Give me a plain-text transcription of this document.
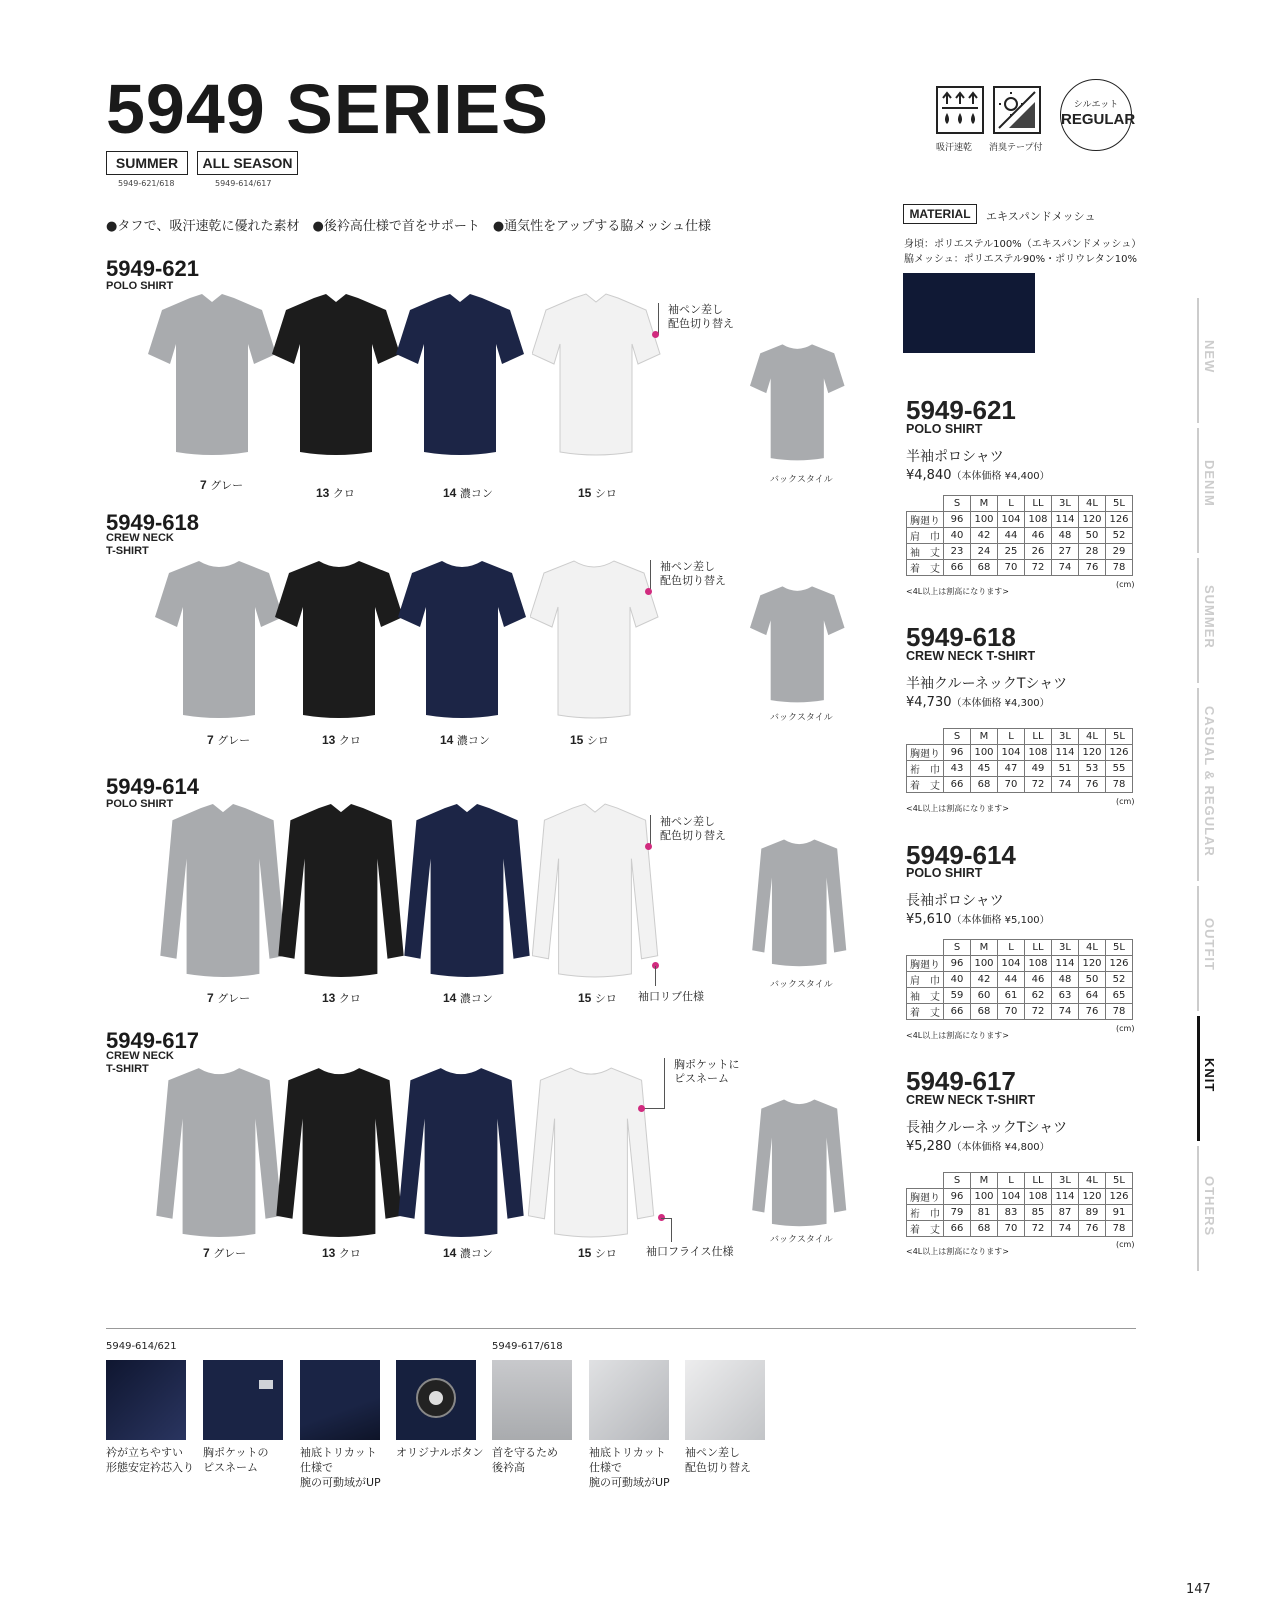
5949 SERIES
SUMMER
5949-621/618
ALL SEASON
5949-614/617
吸汗速乾 消臭テープ付
シルエット
REGULAR
●タフで、吸汗速乾に優れた素材　●後衿高仕様で首をサポート　●通気性をアップする脇メッシュ仕様
MATERIAL	エキスパンドメッシュ
身頃：ポリエステル100%（エキスパンドメッシュ）
脇メッシュ：ポリエステル90%・ポリウレタン10%
NEW
DENIM
SUMMER
CASUAL & REGULAR
OUTFIT
KNIT
OTHERS
5949-621
POLO SHIRT
7 グレー
13 クロ	14 濃コン	15 シロ
バックスタイル
袖ペン差し
配色切り替え
5949-618
CREW NECK
T-SHIRT
7 グレー	13 クロ	14 濃コン	15 シロ
バックスタイル
袖ペン差し
配色切り替え
5949-614
POLO SHIRT
7 グレー	13 クロ	14 濃コン	15 シロ
バックスタイル
袖ペン差し
配色切り替え
袖口リブ仕様
5949-617
CREW NECK
T-SHIRT
7 グレー	13 クロ	14 濃コン	15 シロ
バックスタイル
胸ポケットに
ピスネーム
袖口フライス仕様
5949-621
POLO SHIRT
半袖ポロシャツ
¥4,840（本体価格 ¥4,400）
	S	M	L	LL	3L	4L	5L
胸廻り	96	100	104	108	114	120	126
肩　巾	40	42	44	46	48	50	52
袖　丈	23	24	25	26	27	28	29
着　丈	66	68	70	72	74	76	78
(cm)
<4L以上は割高になります>
5949-618
CREW NECK T-SHIRT
半袖クルーネックTシャツ
¥4,730（本体価格 ¥4,300）
	S	M	L	LL	3L	4L	5L
胸廻り	96	100	104	108	114	120	126
裄　巾	43	45	47	49	51	53	55
着　丈	66	68	70	72	74	76	78
(cm)
<4L以上は割高になります>
5949-614
POLO SHIRT
長袖ポロシャツ
¥5,610（本体価格 ¥5,100）
	S	M	L	LL	3L	4L	5L
胸廻り	96	100	104	108	114	120	126
肩　巾	40	42	44	46	48	50	52
袖　丈	59	60	61	62	63	64	65
着　丈	66	68	70	72	74	76	78
(cm)
<4L以上は割高になります>
5949-617
CREW NECK T-SHIRT
長袖クルーネックTシャツ
¥5,280（本体価格 ¥4,800）
	S	M	L	LL	3L	4L	5L
胸廻り	96	100	104	108	114	120	126
裄　巾	79	81	83	85	87	89	91
着　丈	66	68	70	72	74	76	78
(cm)
<4L以上は割高になります>
5949-614/621	5949-617/618
衿が立ちやすい
形態安定衿芯入り
胸ポケットの
ピスネーム
袖底トリカット
仕様で
腕の可動域がUP
オリジナルボタン 首を守るため
後衿高
袖底トリカット
仕様で
腕の可動域がUP
袖ペン差し
配色切り替え
147
